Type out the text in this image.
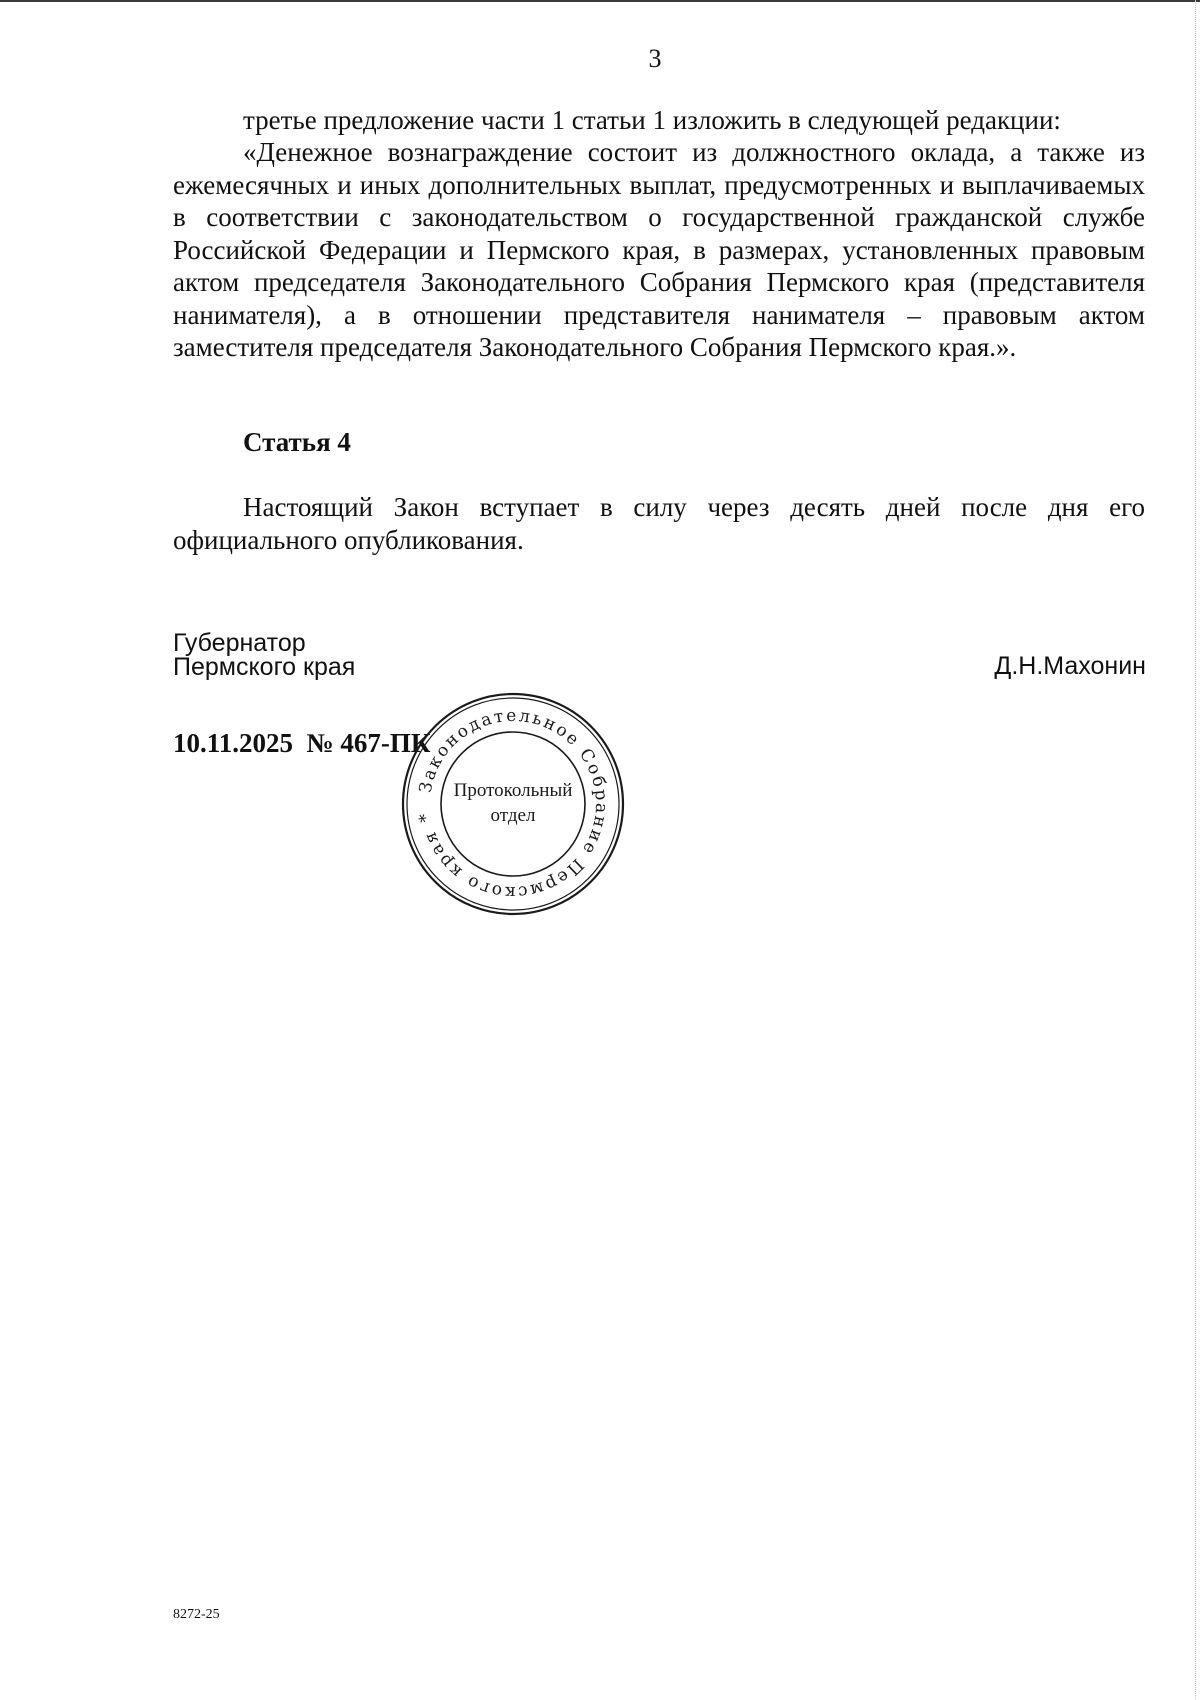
3

третье предложение части 1 статьи 1 изложить в следующей редакции:

«Денежное вознаграждение состоит из должностного оклада, а также из ежемесячных и иных дополнительных выплат, предусмотренных и выплачиваемых в соответствии с законодательством о государственной гражданской службе Российской Федерации и Пермского края, в размерах, установленных правовым актом председателя Законодательного Собрания Пермского края (представителя нанимателя), а в отношении представителя нанимателя – правовым актом заместителя председателя Законодательного Собрания Пермского края.».

Статья 4

Настоящий Закон вступает в силу через десять дней после дня его официального опубликования.

Губернатор
Пермского края	Д.Н.Махонин
10.11.2025 № 467-ПК
Законодательное Собрание Пермского края *
Протокольный
отдел
8272-25
